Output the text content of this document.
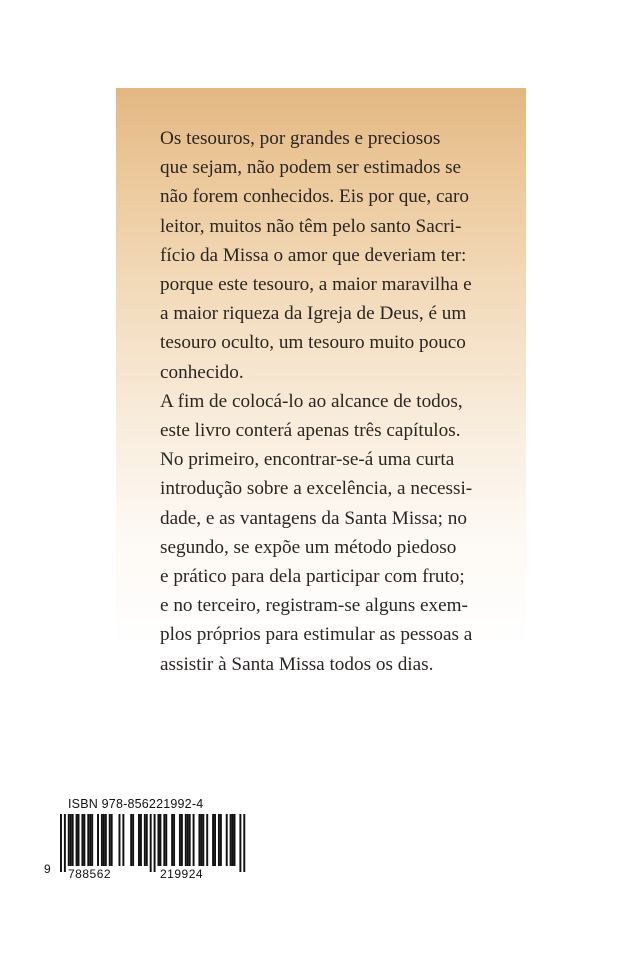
Os tesouros, por grandes e preciosos
que sejam, não podem ser estimados se
não forem conhecidos. Eis por que, caro
leitor, muitos não têm pelo santo Sacri-
fício da Missa o amor que deveriam ter:
porque este tesouro, a maior maravilha e
a maior riqueza da Igreja de Deus, é um
tesouro oculto, um tesouro muito pouco
conhecido.
A fim de colocá-lo ao alcance de todos,
este livro conterá apenas três capítulos.
No primeiro, encontrar-se-á uma curta
introdução sobre a excelência, a necessi-
dade, e as vantagens da Santa Missa; no
segundo, se expõe um método piedoso
e prático para dela participar com fruto;
e no terceiro, registram-se alguns exem-
plos próprios para estimular as pessoas a
assistir à Santa Missa todos os dias.
ISBN 978-856221992-4
9 788562	219924
